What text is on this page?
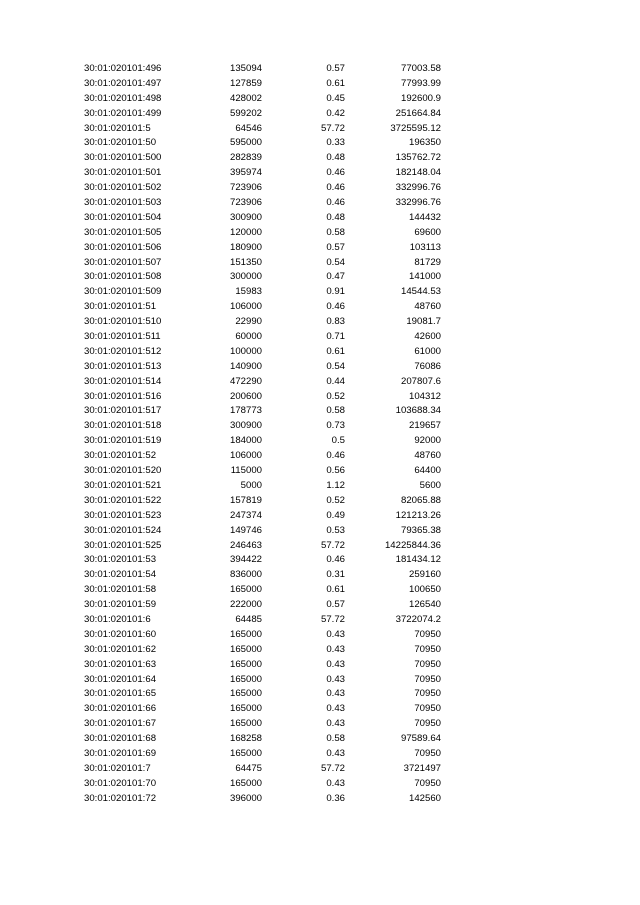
30:01:020101:496	135094	0.57	77003.58
30:01:020101:497	127859	0.61	77993.99
30:01:020101:498	428002	0.45	192600.9
30:01:020101:499	599202	0.42	251664.84
30:01:020101:5	64546	57.72	3725595.12
30:01:020101:50	595000	0.33	196350
30:01:020101:500	282839	0.48	135762.72
30:01:020101:501	395974	0.46	182148.04
30:01:020101:502	723906	0.46	332996.76
30:01:020101:503	723906	0.46	332996.76
30:01:020101:504	300900	0.48	144432
30:01:020101:505	120000	0.58	69600
30:01:020101:506	180900	0.57	103113
30:01:020101:507	151350	0.54	81729
30:01:020101:508	300000	0.47	141000
30:01:020101:509	15983	0.91	14544.53
30:01:020101:51	106000	0.46	48760
30:01:020101:510	22990	0.83	19081.7
30:01:020101:511	60000	0.71	42600
30:01:020101:512	100000	0.61	61000
30:01:020101:513	140900	0.54	76086
30:01:020101:514	472290	0.44	207807.6
30:01:020101:516	200600	0.52	104312
30:01:020101:517	178773	0.58	103688.34
30:01:020101:518	300900	0.73	219657
30:01:020101:519	184000	0.5	92000
30:01:020101:52	106000	0.46	48760
30:01:020101:520	115000	0.56	64400
30:01:020101:521	5000	1.12	5600
30:01:020101:522	157819	0.52	82065.88
30:01:020101:523	247374	0.49	121213.26
30:01:020101:524	149746	0.53	79365.38
30:01:020101:525	246463	57.72	14225844.36
30:01:020101:53	394422	0.46	181434.12
30:01:020101:54	836000	0.31	259160
30:01:020101:58	165000	0.61	100650
30:01:020101:59	222000	0.57	126540
30:01:020101:6	64485	57.72	3722074.2
30:01:020101:60	165000	0.43	70950
30:01:020101:62	165000	0.43	70950
30:01:020101:63	165000	0.43	70950
30:01:020101:64	165000	0.43	70950
30:01:020101:65	165000	0.43	70950
30:01:020101:66	165000	0.43	70950
30:01:020101:67	165000	0.43	70950
30:01:020101:68	168258	0.58	97589.64
30:01:020101:69	165000	0.43	70950
30:01:020101:7	64475	57.72	3721497
30:01:020101:70	165000	0.43	70950
30:01:020101:72	396000	0.36	142560
